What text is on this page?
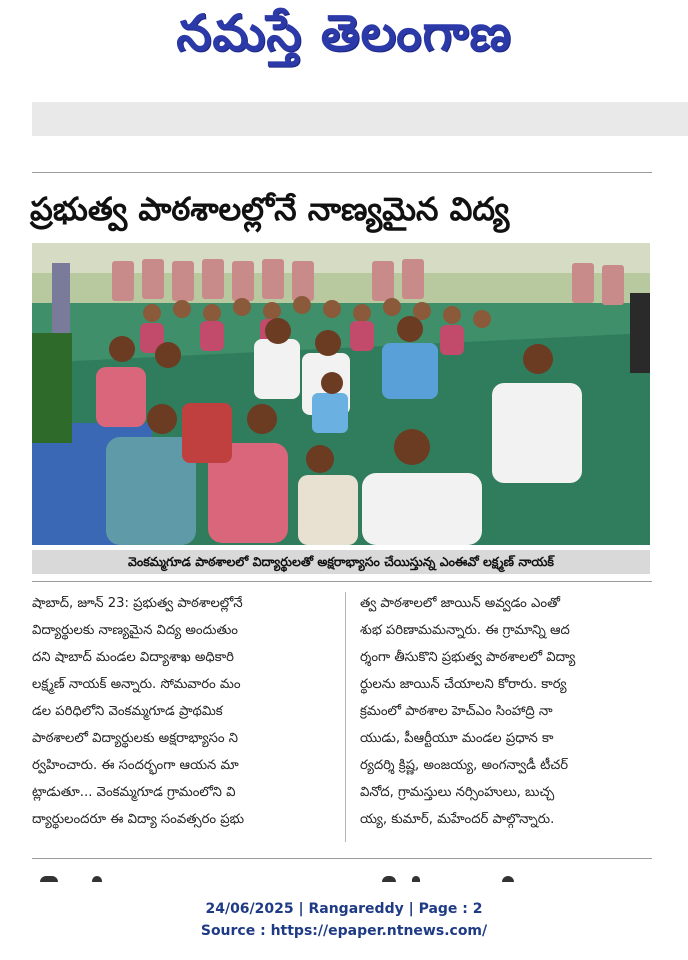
నమస్తే తెలంగాణ
ప్రభుత్వ పాఠశాలల్లోనే నాణ్యమైన విద్య
వెంకమ్మగూడ పాఠశాలలో విద్యార్థులతో అక్షరాభ్యాసం చేయిస్తున్న ఎంఈవో లక్ష్మణ్ నాయక్

షాబాద్, జూన్ 23: ప్రభుత్వ పాఠశాలల్లోనే

విద్యార్థులకు నాణ్యమైన విద్య అందుతుం

దని షాబాద్ మండల విద్యాశాఖ అధికారి

లక్ష్మణ్ నాయక్ అన్నారు. సోమవారం మం

డల పరిధిలోని వెంకమ్మగూడ ప్రాథమిక

పాఠశాలలో విద్యార్థులకు అక్షరాభ్యాసం ని

ర్వహించారు. ఈ సందర్భంగా ఆయన మా

ట్లాడుతూ... వెంకమ్మగూడ గ్రామంలోని వి

ద్యార్థులందరూ ఈ విద్యా సంవత్సరం ప్రభు

త్వ పాఠశాలలో జాయిన్ అవ్వడం ఎంతో

శుభ పరిణామమన్నారు. ఈ గ్రామాన్ని ఆద

ర్శంగా తీసుకొని ప్రభుత్వ పాఠశాలలో విద్యా

ర్థులను జాయిన్ చేయాలని కోరారు. కార్య

క్రమంలో పాఠశాల హెచ్ఎం సింహాద్రి నా

యుడు, పీఆర్టీయూ మండల ప్రధాన కా

ర్యదర్శి క్రిష్ణ, అంజయ్య, అంగన్వాడీ టీచర్

వినోద, గ్రామస్తులు నర్సింహులు, బుచ్చ

య్య, కుమార్, మహేందర్ పాల్గొన్నారు.

24/06/2025 | Rangareddy | Page : 2
Source : https://epaper.ntnews.com/
